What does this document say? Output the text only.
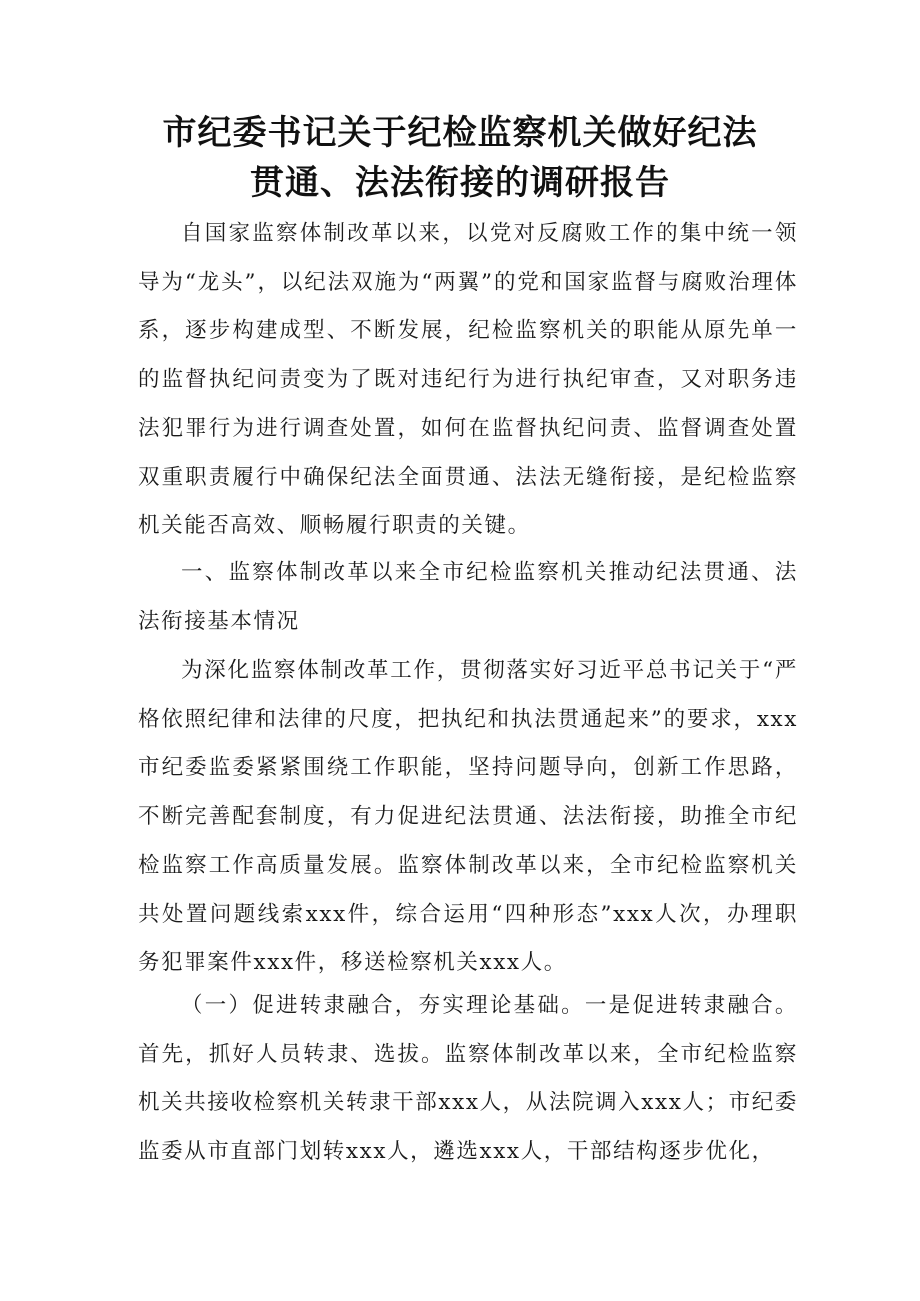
市纪委书记关于纪检监察机关做好纪法
贯通、法法衔接的调研报告

自国家监察体制改革以来，以党对反腐败工作的集中统一领导为“龙头”，以纪法双施为“两翼”的党和国家监督与腐败治理体系，逐步构建成型、不断发展，纪检监察机关的职能从原先单一的监督执纪问责变为了既对违纪行为进行执纪审查，又对职务违法犯罪行为进行调查处置，如何在监督执纪问责、监督调查处置双重职责履行中确保纪法全面贯通、法法无缝衔接，是纪检监察机关能否高效、顺畅履行职责的关键。

一、监察体制改革以来全市纪检监察机关推动纪法贯通、法法衔接基本情况

为深化监察体制改革工作，贯彻落实好习近平总书记关于“严格依照纪律和法律的尺度，把执纪和执法贯通起来”的要求，xxx市纪委监委紧紧围绕工作职能，坚持问题导向，创新工作思路，不断完善配套制度，有力促进纪法贯通、法法衔接，助推全市纪检监察工作高质量发展。监察体制改革以来，全市纪检监察机关共处置问题线索xxx件，综合运用“四种形态”xxx人次，办理职务犯罪案件xxx件，移送检察机关xxx人。

（一）促进转隶融合，夯实理论基础。一是促进转隶融合。首先，抓好人员转隶、选拔。监察体制改革以来，全市纪检监察机关共接收检察机关转隶干部xxx人，从法院调入xxx人；市纪委监委从市直部门划转xxx人，遴选xxx人，干部结构逐步优化，
